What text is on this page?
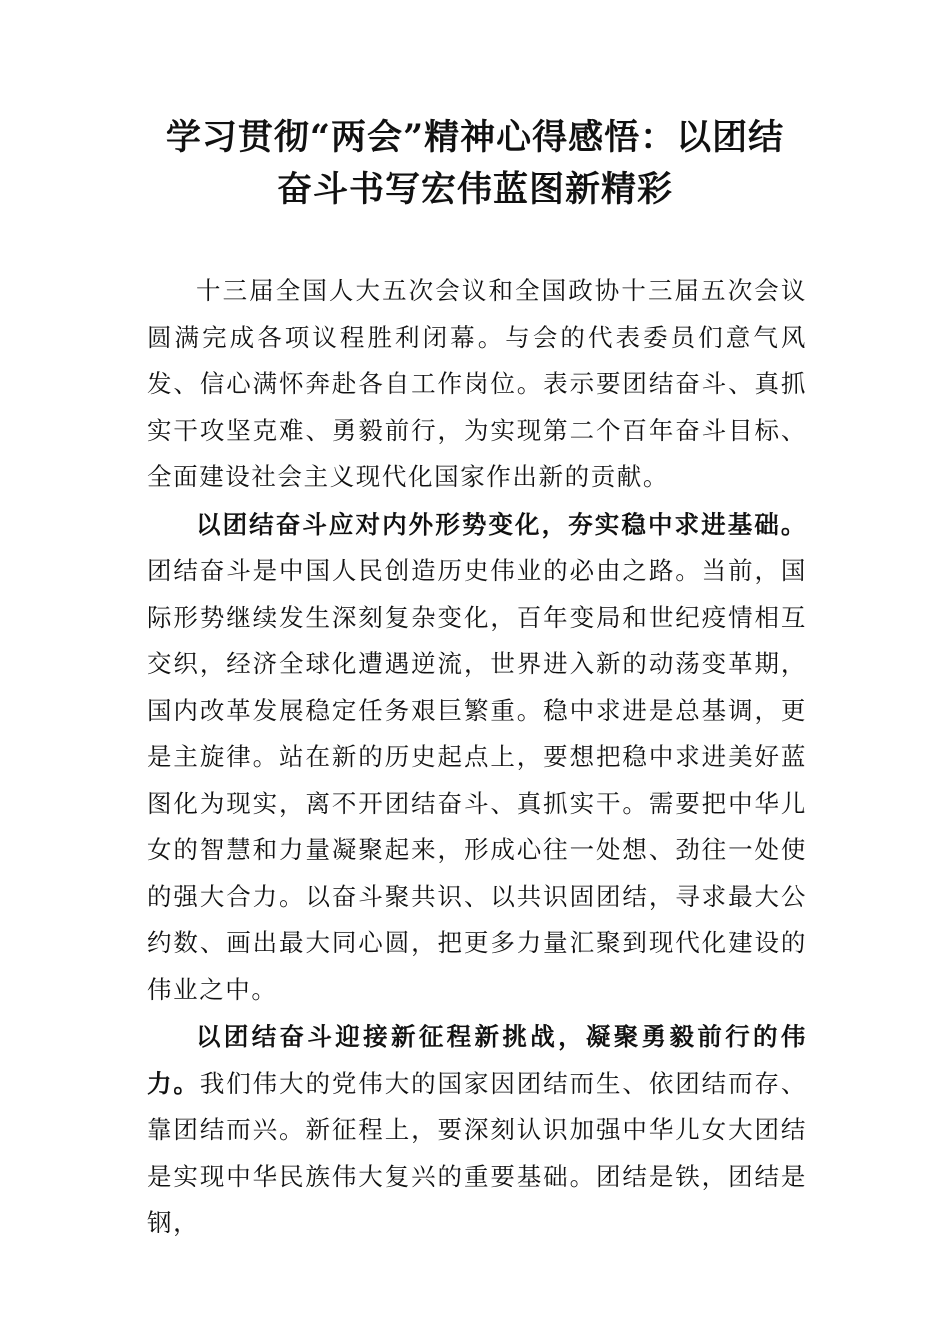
学习贯彻“两会”精神心得感悟：以团结
奋斗书写宏伟蓝图新精彩

十三届全国人大五次会议和全国政协十三届五次会议圆满完成各项议程胜利闭幕。与会的代表委员们意气风发、信心满怀奔赴各自工作岗位。表示要团结奋斗、真抓实干攻坚克难、勇毅前行，为实现第二个百年奋斗目标、全面建设社会主义现代化国家作出新的贡献。

以团结奋斗应对内外形势变化，夯实稳中求进基础。团结奋斗是中国人民创造历史伟业的必由之路。当前，国际形势继续发生深刻复杂变化，百年变局和世纪疫情相互交织，经济全球化遭遇逆流，世界进入新的动荡变革期，国内改革发展稳定任务艰巨繁重。稳中求进是总基调，更是主旋律。站在新的历史起点上，要想把稳中求进美好蓝图化为现实，离不开团结奋斗、真抓实干。需要把中华儿女的智慧和力量凝聚起来，形成心往一处想、劲往一处使的强大合力。以奋斗聚共识、以共识固团结，寻求最大公约数、画出最大同心圆，把更多力量汇聚到现代化建设的伟业之中。

以团结奋斗迎接新征程新挑战，凝聚勇毅前行的伟力。我们伟大的党伟大的国家因团结而生、依团结而存、靠团结而兴。新征程上，要深刻认识加强中华儿女大团结是实现中华民族伟大复兴的重要基础。团结是铁，团结是钢，
